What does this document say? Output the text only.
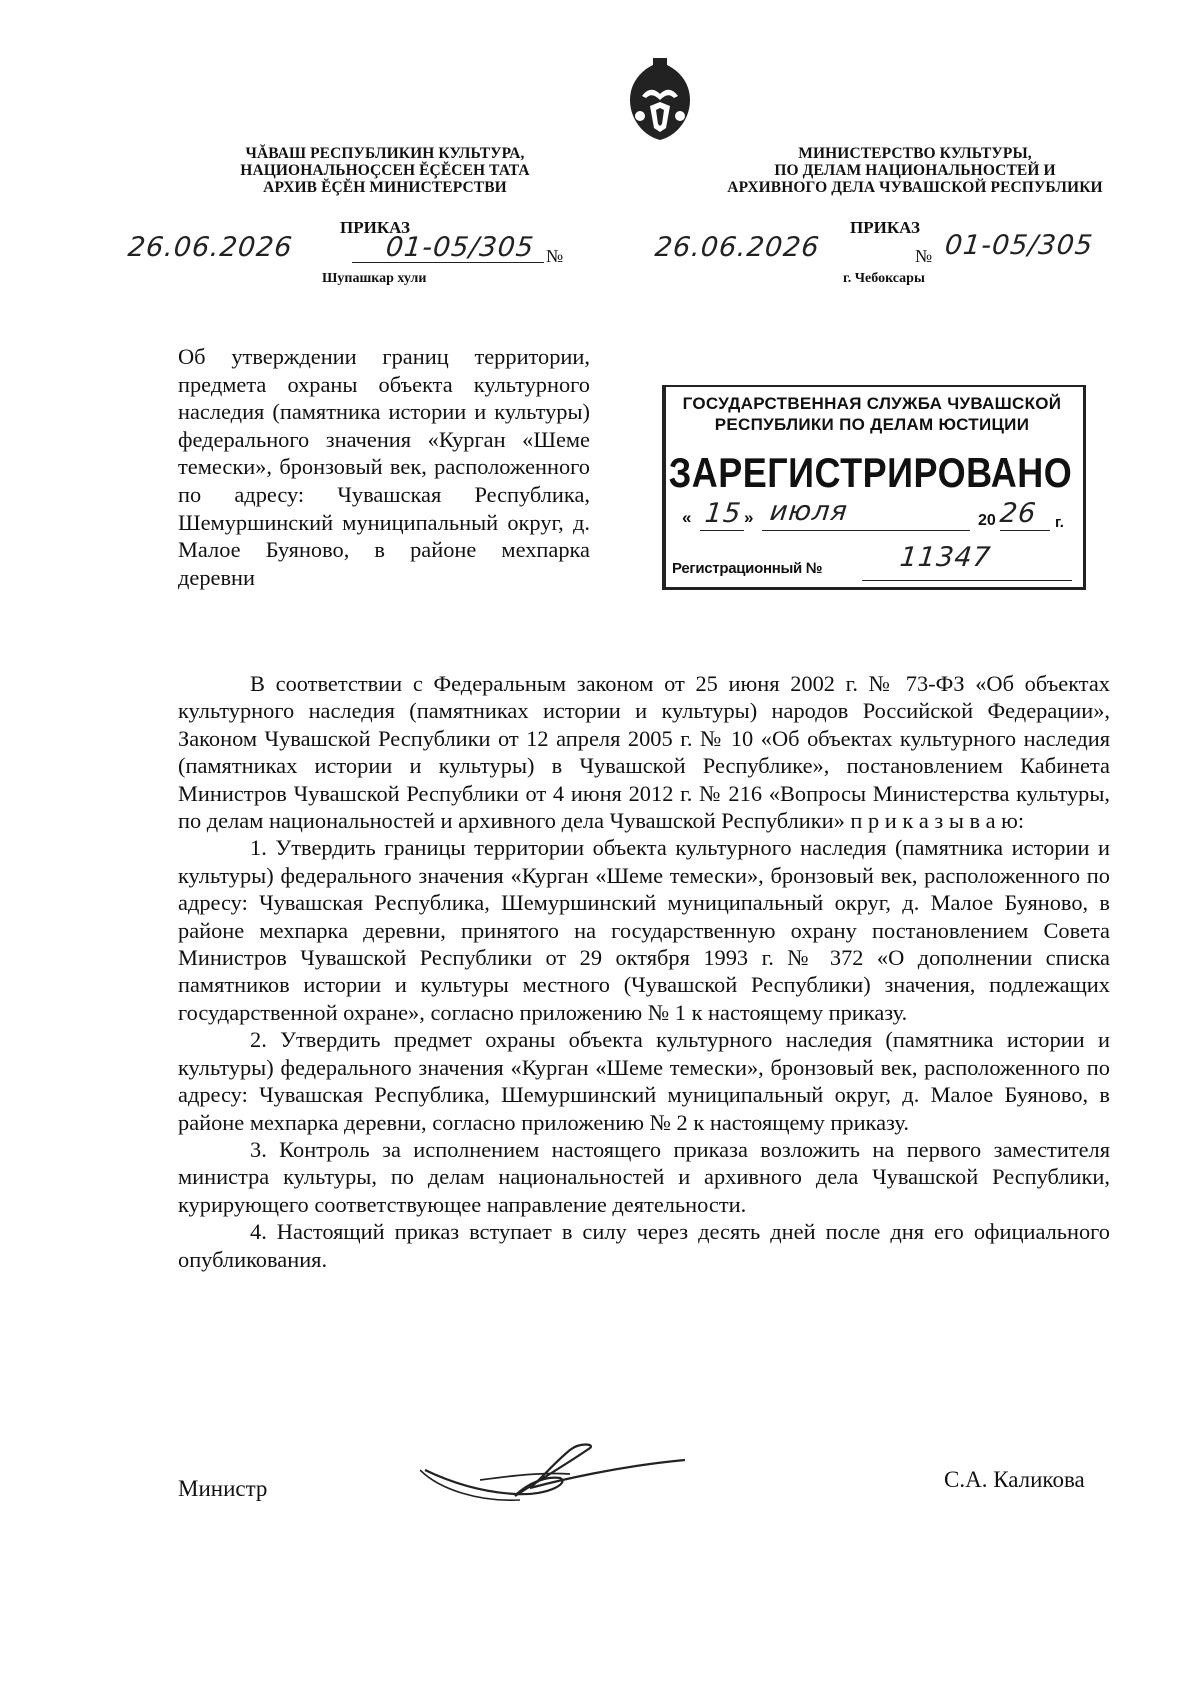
ЧĂВАШ РЕСПУБЛИКИН КУЛЬТУРА,
НАЦИОНАЛЬНОÇСЕН ĔÇĔСЕН ТАТА
АРХИВ ĔÇĔН МИНИСТЕРСТВИ
МИНИСТЕРСТВО КУЛЬТУРЫ,
ПО ДЕЛАМ НАЦИОНАЛЬНОСТЕЙ И
АРХИВНОГО ДЕЛА ЧУВАШСКОЙ РЕСПУБЛИКИ
ПРИКАЗ	ПРИКАЗ
26.06.2026	01-05/305 №	26.06.2026	№ 01-05/305
Шупашкар хули	г. Чебоксары
Об утверждении границ территории, предмета охраны объекта культурного наследия (памятника истории и культуры) федерального значения «Курган «Шеме темески», бронзовый век, расположенного по адресу: Чувашская Республика, Шемуршинский муниципальный округ, д. Малое Буяново, в районе мехпарка деревни
ГОСУДАРСТВЕННАЯ СЛУЖБА ЧУВАШСКОЙ
РЕСПУБЛИКИ ПО ДЕЛАМ ЮСТИЦИИ
ЗАРЕГИСТРИРОВАНО
« 15 » июля	20 26 г.
Регистрационный №	11347

В соответствии с Федеральным законом от 25 июня 2002 г. № 73-ФЗ «Об объектах культурного наследия (памятниках истории и культуры) народов Российской Федерации», Законом Чувашской Республики от 12 апреля 2005 г. № 10 «Об объектах культурного наследия (памятниках истории и культуры) в Чувашской Республике», постановлением Кабинета Министров Чувашской Республики от 4 июня 2012 г. № 216 «Вопросы Министерства культуры, по делам национальностей и архивного дела Чувашской Республики» п р и к а з ы в а ю:

1. Утвердить границы территории объекта культурного наследия (памятника истории и культуры) федерального значения «Курган «Шеме темески», бронзовый век, расположенного по адресу: Чувашская Республика, Шемуршинский муниципальный округ, д. Малое Буяново, в районе мехпарка деревни, принятого на государственную охрану постановлением Совета Министров Чувашской Республики от 29 октября 1993 г. № 372 «О дополнении списка памятников истории и культуры местного (Чувашской Республики) значения, подлежащих государственной охране», согласно приложению № 1 к настоящему приказу.

2. Утвердить предмет охраны объекта культурного наследия (памятника истории и культуры) федерального значения «Курган «Шеме темески», бронзовый век, расположенного по адресу: Чувашская Республика, Шемуршинский муниципальный округ, д. Малое Буяново, в районе мехпарка деревни, согласно приложению № 2 к настоящему приказу.

3. Контроль за исполнением настоящего приказа возложить на первого заместителя министра культуры, по делам национальностей и архивного дела Чувашской Республики, курирующего соответствующее направление деятельности.

4. Настоящий приказ вступает в силу через десять дней после дня его официального опубликования.

Министр	С.А. Каликова
